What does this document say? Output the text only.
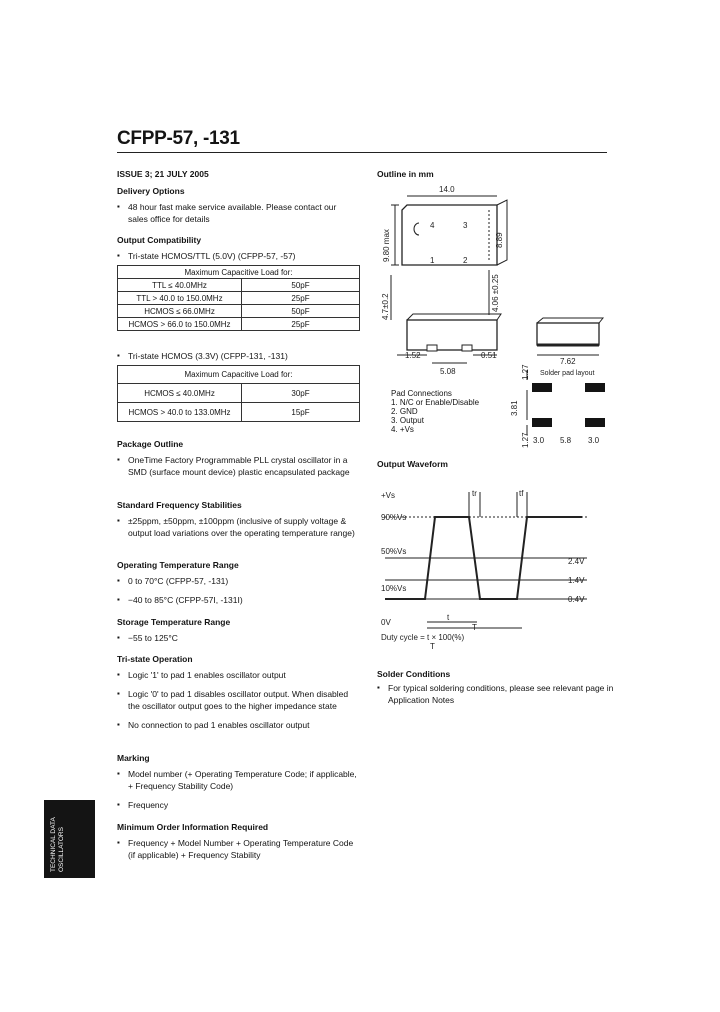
CFPP-57, -131
ISSUE 3; 21 JULY 2005
Delivery Options
▪ 48 hour fast make service available. Please contact our sales office for details
Output Compatibility
▪ Tri-state HCMOS/TTL (5.0V) (CFPP-57, -57)
Maximum Capacitive Load for:	
TTL ≤ 40.0MHz	50pF
TTL > 40.0 to 150.0MHz	25pF
HCMOS ≤ 66.0MHz	50pF
HCMOS > 66.0 to 150.0MHz	25pF
▪ Tri-state HCMOS (3.3V) (CFPP-131, -131)
Maximum Capacitive Load for:	
HCMOS ≤ 40.0MHz	30pF
HCMOS > 40.0 to 133.0MHz	15pF
Package Outline
▪ OneTime Factory Programmable PLL crystal oscillator in a SMD (surface mount device) plastic encapsulated package
Standard Frequency Stabilities
▪ ±25ppm, ±50ppm, ±100ppm (inclusive of supply voltage & output load variations over the operating temperature range)
Operating Temperature Range
▪ 0 to 70°C (CFPP-57, -131)
▪ −40 to 85°C (CFPP-57I, -131I)
Storage Temperature Range
▪ −55 to 125°C
Tri-state Operation
▪ Logic '1' to pad 1 enables oscillator output
▪ Logic '0' to pad 1 disables oscillator output. When disabled the oscillator output goes to the higher impedance state
▪ No connection to pad 1 enables oscillator output
Marking
▪ Model number (+ Operating Temperature Code; if applicable, + Frequency Stability Code)
▪ Frequency
Minimum Order Information Required
▪ Frequency + Model Number + Operating Temperature Code (if applicable) + Frequency Stability
Outline in mm
14.0
4	3
1	2
9.80 max	8.89
4.7±0.2	4.06 ±0.25
1.52	0.51
5.08
7.62
Solder pad layout
1.27
3.81
1.27 3.0 5.8 3.0
Pad Connections
1. N/C or Enable/Disable
2. GND
3. Output
4. +Vs
Output Waveform
+Vs
90%Vs
50%Vs
10%Vs
2.4V
1.4V
0.4V
0V
tr	tf
t
T
Duty cycle = t × 100(%)
T
Solder Conditions
▪ For typical soldering conditions, please see relevant page in Application Notes
TECHNICAL DATA OSCILLATORS
